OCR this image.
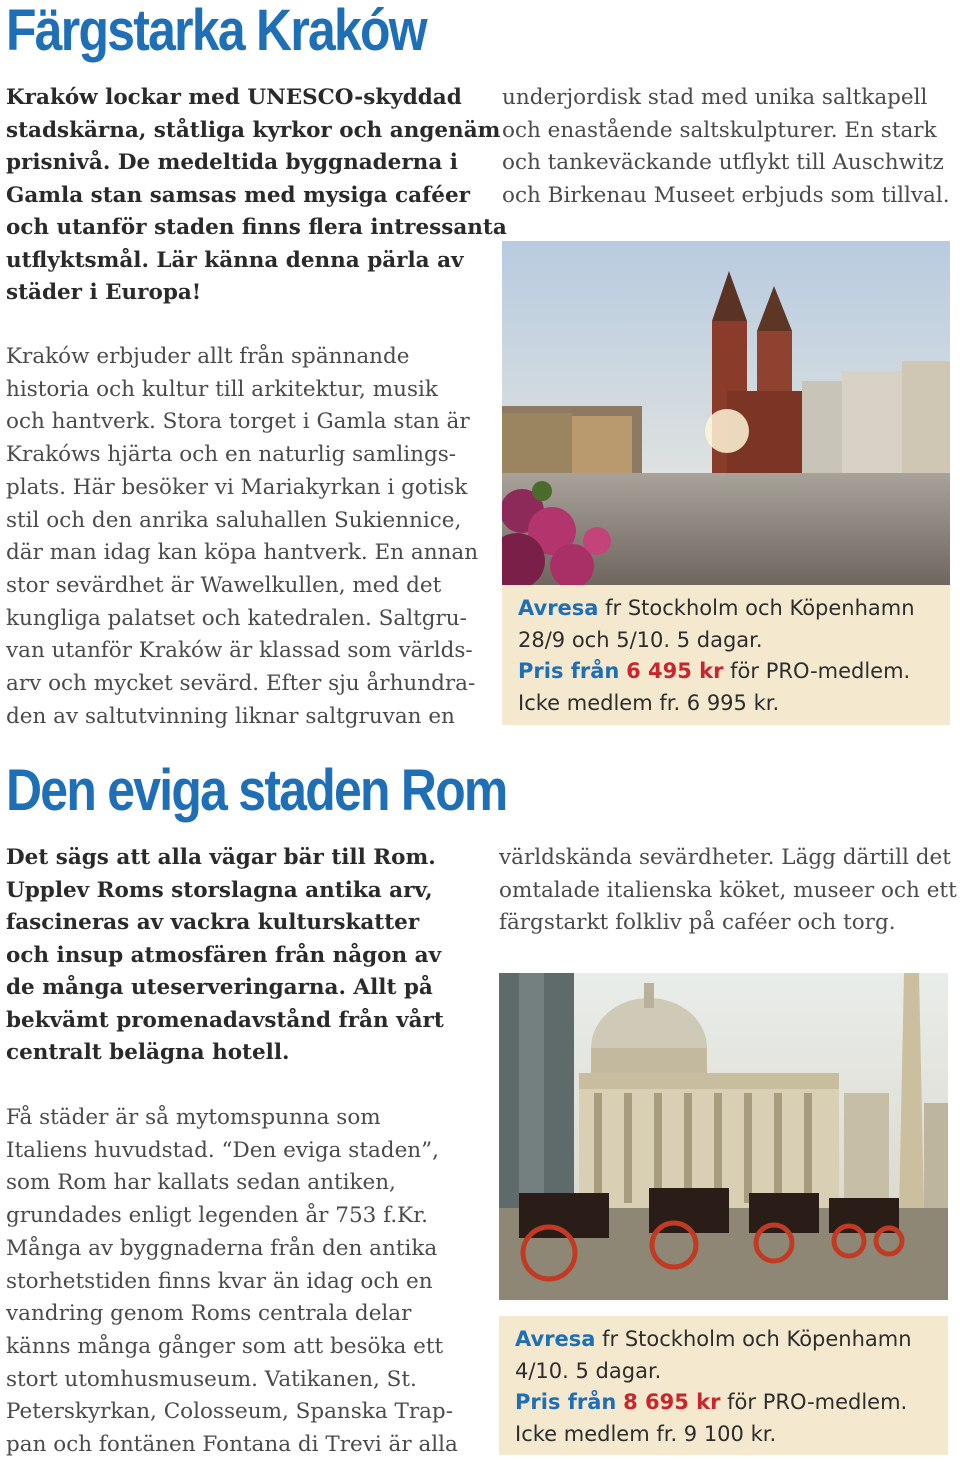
Färgstarka Kraków
Kraków lockar med UNESCO-skyddad
stadskärna, ståtliga kyrkor och angenäm
prisnivå. De medeltida byggnaderna i
Gamla stan samsas med mysiga caféer
och utanför staden finns flera intressanta
utflyktsmål. Lär känna denna pärla av
städer i Europa!
Kraków erbjuder allt från spännande
historia och kultur till arkitektur, musik
och hantverk. Stora torget i Gamla stan är
Krakóws hjärta och en naturlig samlings-
plats. Här besöker vi Mariakyrkan i gotisk
stil och den anrika saluhallen Sukiennice,
där man idag kan köpa hantverk. En annan
stor sevärdhet är Wawelkullen, med det
kungliga palatset och katedralen. Saltgru-
van utanför Kraków är klassad som världs-
arv och mycket sevärd. Efter sju århundra-
den av saltutvinning liknar saltgruvan en
underjordisk stad med unika saltkapell
och enastående saltskulpturer. En stark
och tankeväckande utflykt till Auschwitz
och Birkenau Museet erbjuds som tillval.
Avresa fr Stockholm och Köpenhamn
28/9 och 5/10. 5 dagar.
Pris från 6 495 kr för PRO-medlem.
Icke medlem fr. 6 995 kr.
Den eviga staden Rom
Det sägs att alla vägar bär till Rom.
Upplev Roms storslagna antika arv,
fascineras av vackra kulturskatter
och insup atmosfären från någon av
de många uteserveringarna. Allt på
bekvämt promenadavstånd från vårt
centralt belägna hotell.
Få städer är så mytomspunna som
Italiens huvudstad. “Den eviga staden”,
som Rom har kallats sedan antiken,
grundades enligt legenden år 753 f.Kr.
Många av byggnaderna från den antika
storhetstiden finns kvar än idag och en
vandring genom Roms centrala delar
känns många gånger som att besöka ett
stort utomhusmuseum. Vatikanen, St.
Peterskyrkan, Colosseum, Spanska Trap-
pan och fontänen Fontana di Trevi är alla
världskända sevärdheter. Lägg därtill det
omtalade italienska köket, museer och ett
färgstarkt folkliv på caféer och torg.
Avresa fr Stockholm och Köpenhamn
4/10. 5 dagar.
Pris från 8 695 kr för PRO-medlem.
Icke medlem fr. 9 100 kr.
